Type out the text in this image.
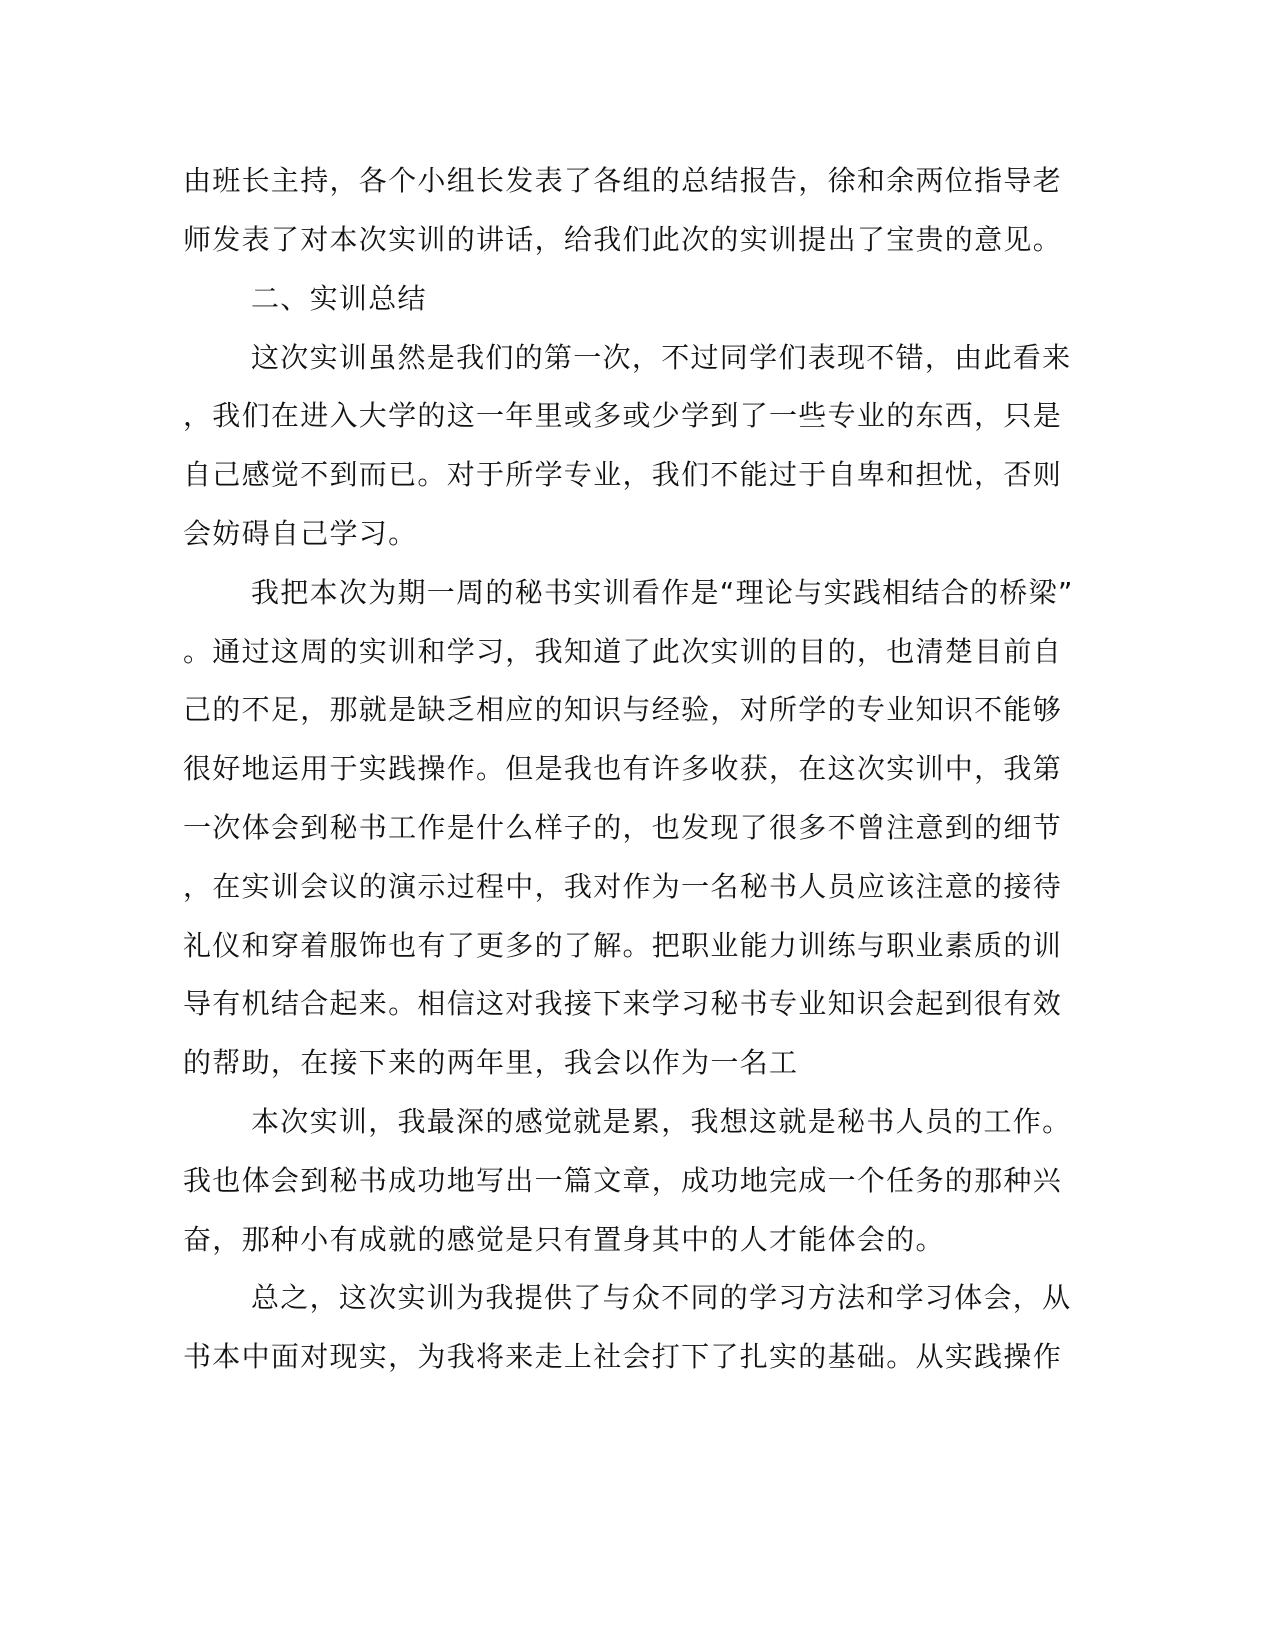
由班长主持，各个小组长发表了各组的总结报告，徐和余两位指导老
师发表了对本次实训的讲话，给我们此次的实训提出了宝贵的意见。
二、实训总结
这次实训虽然是我们的第一次，不过同学们表现不错，由此看来
，我们在进入大学的这一年里或多或少学到了一些专业的东西，只是
自己感觉不到而已。对于所学专业，我们不能过于自卑和担忧，否则
会妨碍自己学习。
我把本次为期一周的秘书实训看作是“理论与实践相结合的桥梁”
。通过这周的实训和学习，我知道了此次实训的目的，也清楚目前自
己的不足，那就是缺乏相应的知识与经验，对所学的专业知识不能够
很好地运用于实践操作。但是我也有许多收获，在这次实训中，我第
一次体会到秘书工作是什么样子的，也发现了很多不曾注意到的细节
，在实训会议的演示过程中，我对作为一名秘书人员应该注意的接待
礼仪和穿着服饰也有了更多的了解。把职业能力训练与职业素质的训
导有机结合起来。相信这对我接下来学习秘书专业知识会起到很有效
的帮助，在接下来的两年里，我会以作为一名工
本次实训，我最深的感觉就是累，我想这就是秘书人员的工作。
我也体会到秘书成功地写出一篇文章，成功地完成一个任务的那种兴
奋，那种小有成就的感觉是只有置身其中的人才能体会的。
总之，这次实训为我提供了与众不同的学习方法和学习体会，从
书本中面对现实，为我将来走上社会打下了扎实的基础。从实践操作
